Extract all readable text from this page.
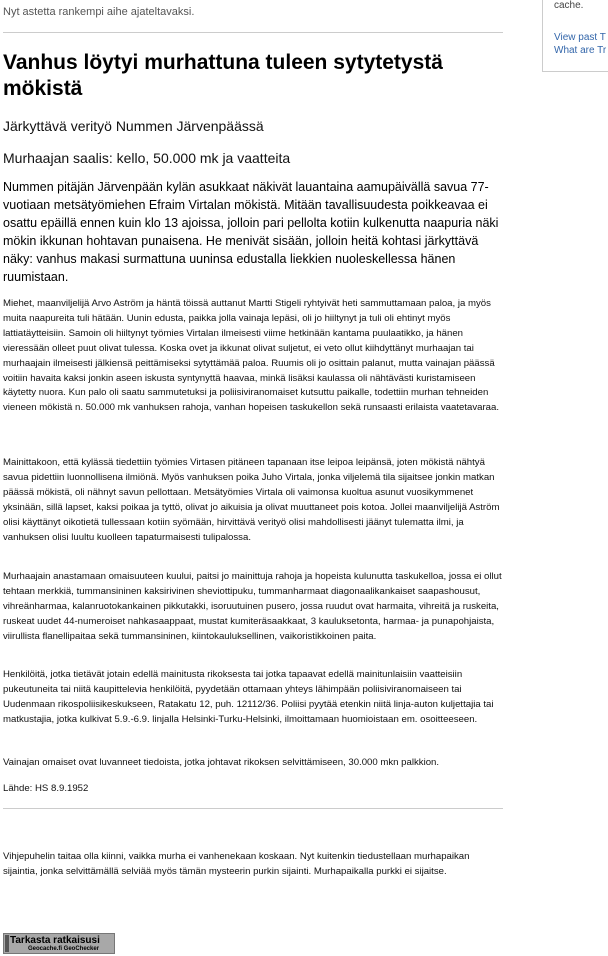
Nyt astetta rankempi aihe ajateltavaksi.
Vanhus löytyi murhattuna tuleen sytytetystä mökistä
Järkyttävä verityö Nummen Järvenpäässä
Murhaajan saalis: kello, 50.000 mk ja vaatteita

Nummen pitäjän Järvenpään kylän asukkaat näkivät lauantaina aamupäivällä savua 77-vuotiaan metsätyömiehen Efraim Virtalan mökistä. Mitään tavallisuudesta poikkeavaa ei osattu epäillä ennen kuin klo 13 ajoissa, jolloin pari pellolta kotiin kulkenutta naapuria näki mökin ikkunan hohtavan punaisena. He menivät sisään, jolloin heitä kohtasi järkyttävä näky: vanhus makasi surmattuna uuninsa edustalla liekkien nuoleskellessa hänen ruumistaan.

Miehet, maanviljelijä Arvo Aström ja häntä töissä auttanut Martti Stigeli ryhtyivät heti sammuttamaan paloa, ja myös muita naapureita tuli hätään. Uunin edusta, paikka jolla vainaja lepäsi, oli jo hiiltynyt ja tuli oli ehtinyt myös lattiatäytteisiin. Samoin oli hiiltynyt työmies Virtalan ilmeisesti viime hetkinään kantama puulaatikko, ja hänen vieressään olleet puut olivat tulessa. Koska ovet ja ikkunat olivat suljetut, ei veto ollut kiihdyttänyt murhaajan tai murhaajain ilmeisesti jälkiensä peittämiseksi sytyttämää paloa. Ruumis oli jo osittain palanut, mutta vainajan päässä voitiin havaita kaksi jonkin aseen iskusta syntynyttä haavaa, minkä lisäksi kaulassa oli nähtävästi kuristamiseen käytetty nuora. Kun palo oli saatu sammutetuksi ja poliisiviranomaiset kutsuttu paikalle, todettiin murhan tehneiden vieneen mökistä n. 50.000 mk vanhuksen rahoja, vanhan hopeisen taskukellon sekä runsaasti erilaista vaatetavaraa.

Mainittakoon, että kylässä tiedettiin työmies Virtasen pitäneen tapanaan itse leipoa leipänsä, joten mökistä nähtyä savua pidettiin luonnollisena ilmiönä. Myös vanhuksen poika Juho Virtala, jonka viljelemä tila sijaitsee jonkin matkan päässä mökistä, oli nähnyt savun pellottaan. Metsätyömies Virtala oli vaimonsa kuoltua asunut vuosikymmenet yksinään, sillä lapset, kaksi poikaa ja tyttö, olivat jo aikuisia ja olivat muuttaneet pois kotoa. Jollei maanviljelijä Aström olisi käyttänyt oikotietä tullessaan kotiin syömään, hirvittävä verityö olisi mahdollisesti jäänyt tulematta ilmi, ja vanhuksen olisi luultu kuolleen tapaturmaisesti tulipalossa.

Murhaajain anastamaan omaisuuteen kuului, paitsi jo mainittuja rahoja ja hopeista kulunutta taskukelloa, jossa ei ollut tehtaan merkkiä, tummansininen kaksirivinen sheviottipuku, tummanharmaat diagonaalikankaiset saapashousut, vihreänharmaa, kalanruotokankainen pikkutakki, isoruutuinen pusero, jossa ruudut ovat harmaita, vihreitä ja ruskeita, ruskeat uudet 44-numeroiset nahkasaappaat, mustat kumiteräsaakkaat, 3 kauluksetonta, harmaa- ja punapohjaista, viirullista flanellipaitaa sekä tummansininen, kiintokauluksellinen, vaikoristikkoinen paita.

Henkilöitä, jotka tietävät jotain edellä mainitusta rikoksesta tai jotka tapaavat edellä mainitunlaisiin vaatteisiin pukeutuneita tai niitä kaupittelevia henkilöitä, pyydetään ottamaan yhteys lähimpään poliisiviranomaiseen tai Uudenmaan rikospoliisikeskukseen, Ratakatu 12, puh. 12112/36. Poliisi pyytää etenkin niitä linja-auton kuljettajia tai matkustajia, jotka kulkivat 5.9.-6.9. linjalla Helsinki-Turku-Helsinki, ilmoittamaan huomioistaan em. osoitteeseen.

Vainajan omaiset ovat luvanneet tiedoista, jotka johtavat rikoksen selvittämiseen, 30.000 mkn palkkion.

Lähde: HS 8.9.1952

Vihjepuhelin taitaa olla kiinni, vaikka murha ei vanhenekaan koskaan. Nyt kuitenkin tiedustellaan murhapaikan sijaintia, jonka selvittämällä selviää myös tämän mysteerin purkin sijainti. Murhapaikalla purkki ei sijaitse.

cache.
View past T
What are Tr
Tarkasta ratkaisusi
Geocache.fi GeoChecker
